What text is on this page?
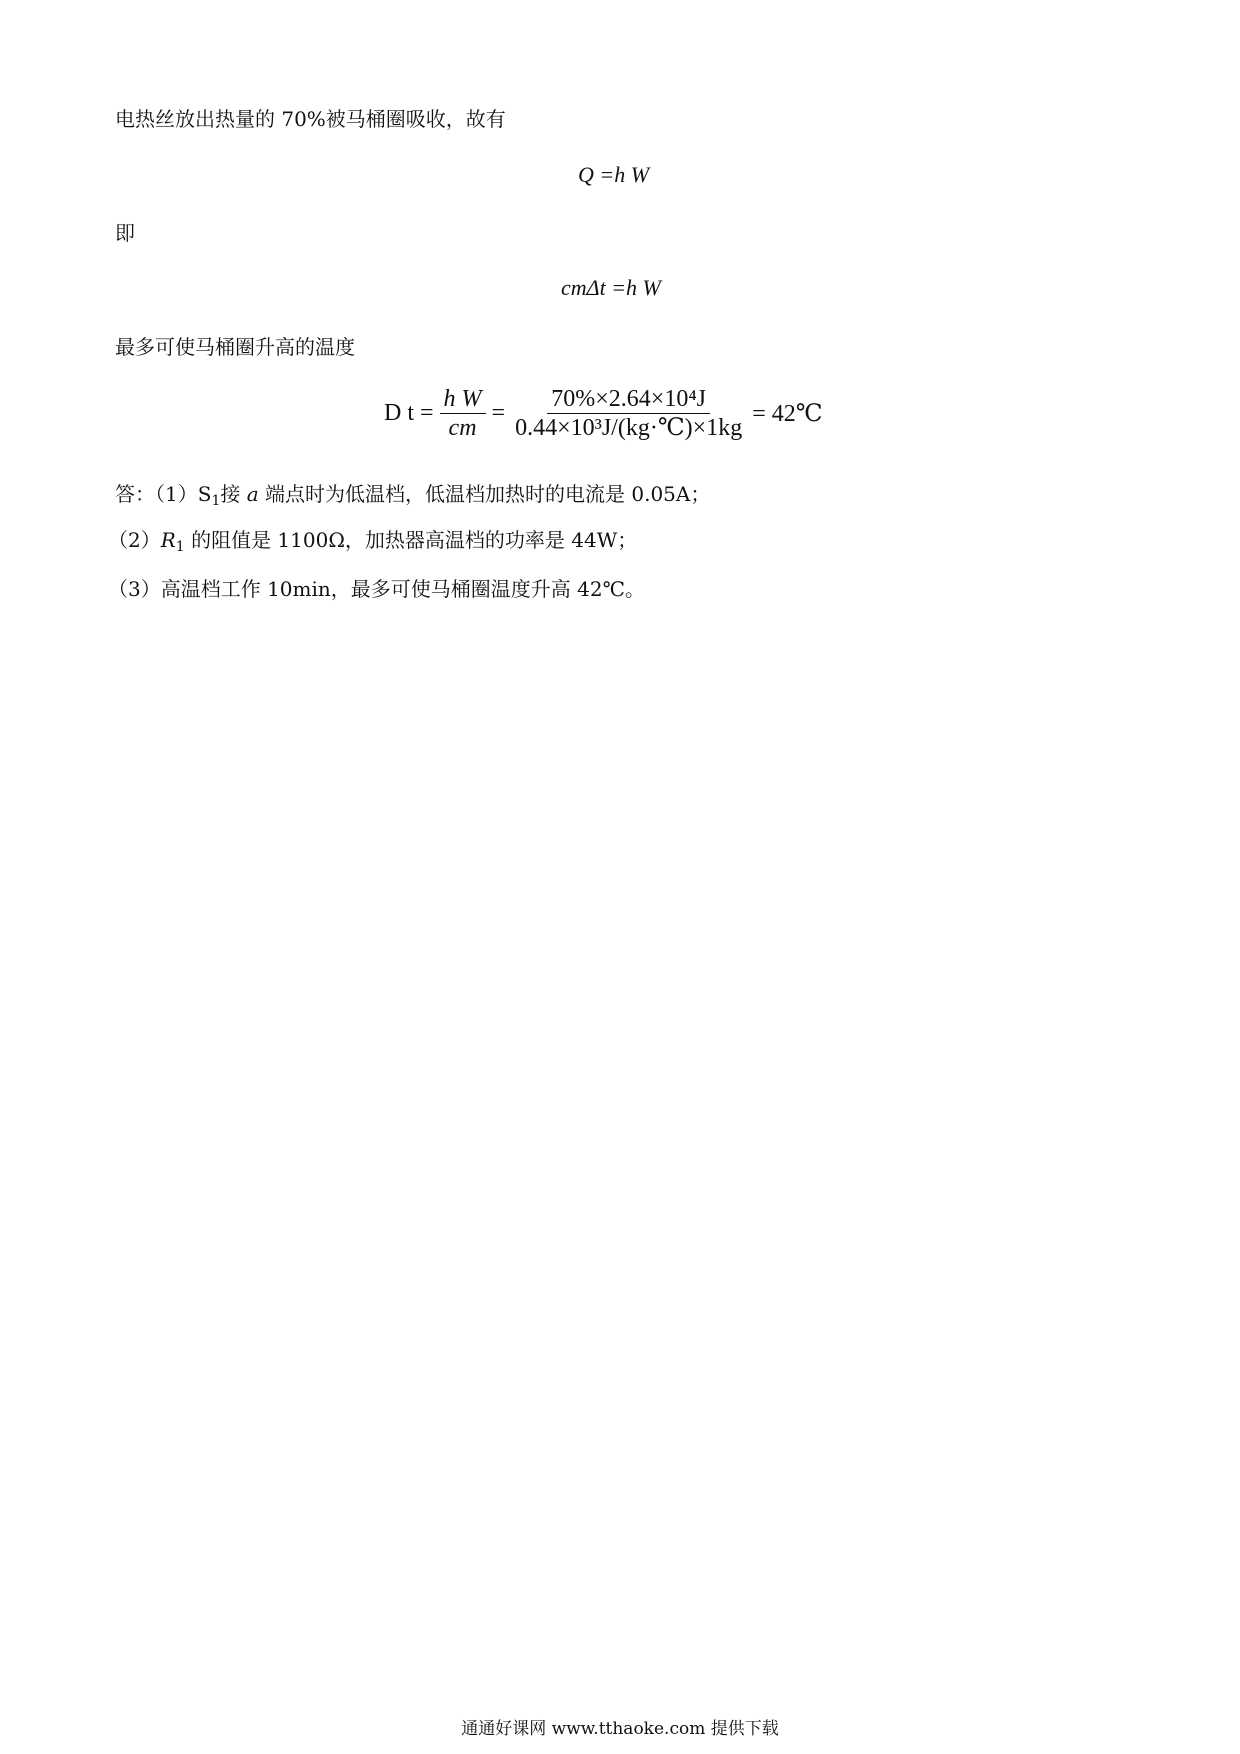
电热丝放出热量的 70%被马桶圈吸收，故有
Q =h W
即
cmΔt =h W
最多可使马桶圈升高的温度
D $t = \frac{\text{h W}}{cm} = \frac{\text{70\%×2.64×10⁴J}}{\text{0.44×10³J/(kg·℃)×1kg}}$ = 42℃
答：$(1)S_1$接 a 端点时为低温档，低温档加热时的电流是 0.05A；
$(2)R_1$ 的阻值是 1100Ω，加热器高温档的功率是 44W；
（3）高温档工作 10min，最多可使马桶圈温度升高 42℃。
通通好课网 www.tthaoke.com 提供下载
